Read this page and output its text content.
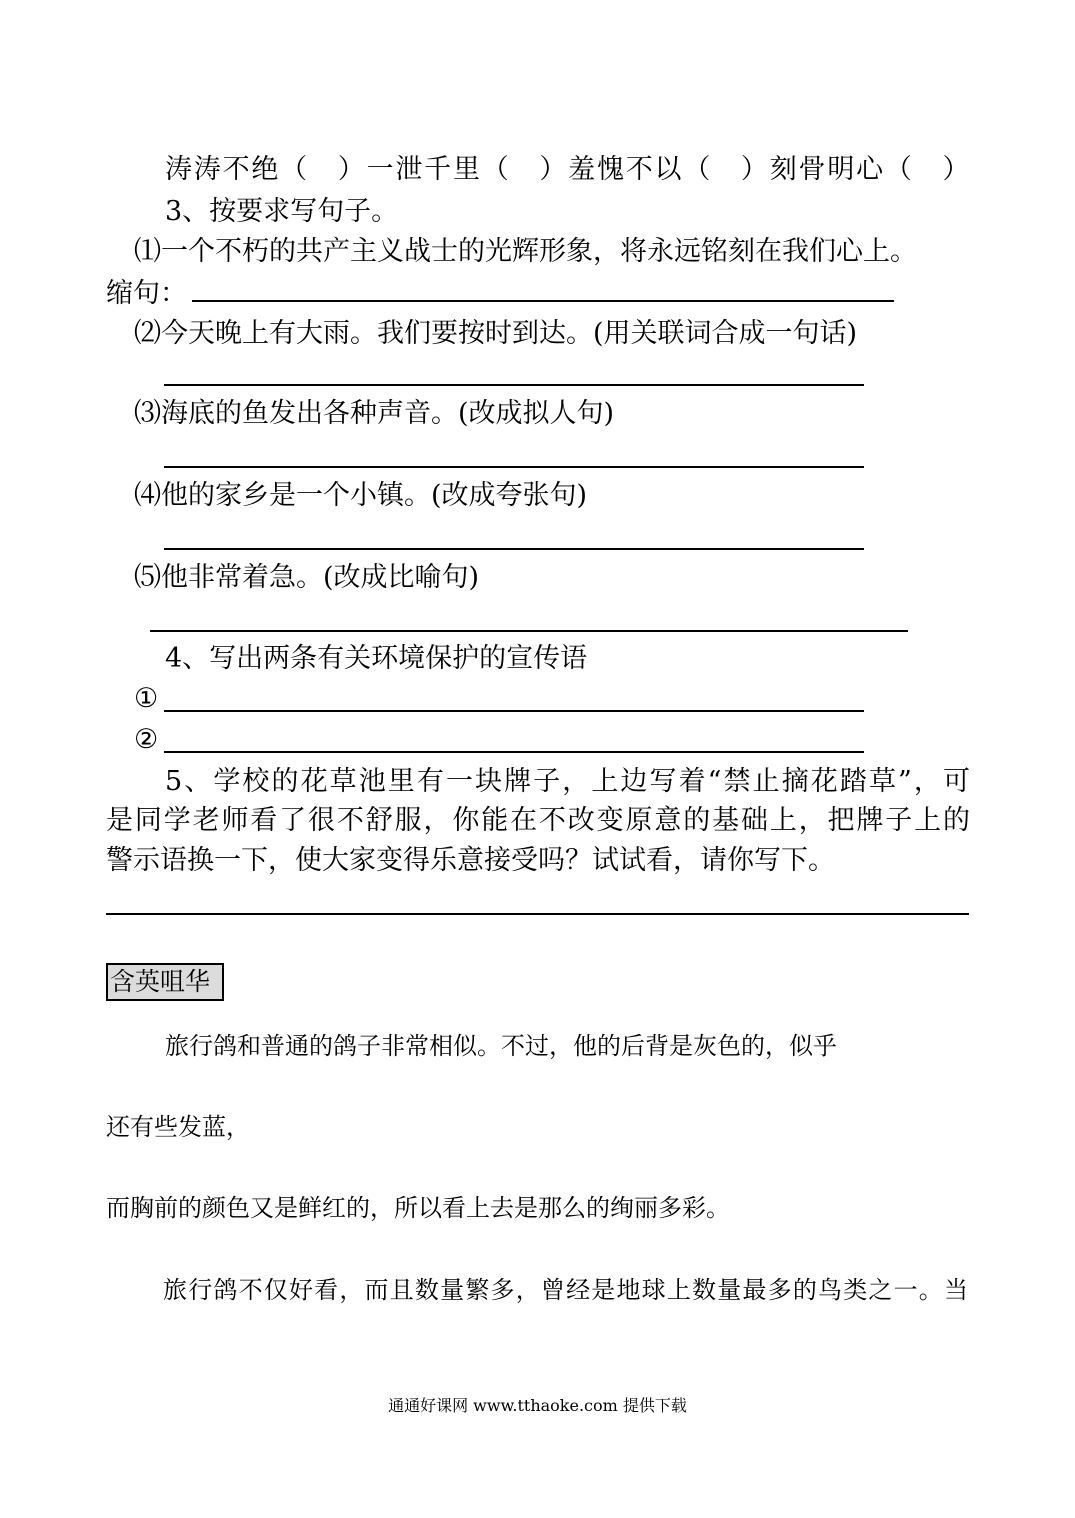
涛涛不绝（　）一泄千里（　）羞愧不以（　）刻骨明心（　）
3、按要求写句子。
⑴一个不朽的共产主义战士的光辉形象，将永远铭刻在我们心上。
缩句：
⑵今天晚上有大雨。我们要按时到达。(用关联词合成一句话)
⑶海底的鱼发出各种声音。(改成拟人句)
⑷他的家乡是一个小镇。(改成夸张句)
⑸他非常着急。(改成比喻句)
4、写出两条有关环境保护的宣传语
①
②
5、学校的花草池里有一块牌子，上边写着“禁止摘花踏草”，可
是同学老师看了很不舒服，你能在不改变原意的基础上，把牌子上的
警示语换一下，使大家变得乐意接受吗？试试看，请你写下。
含英咀华
旅行鸽和普通的鸽子非常相似。不过，他的后背是灰色的，似乎
还有些发蓝，
而胸前的颜色又是鲜红的，所以看上去是那么的绚丽多彩。
旅行鸽不仅好看，而且数量繁多，曾经是地球上数量最多的鸟类之一。当
通通好课网 www.tthaoke.com 提供下载
